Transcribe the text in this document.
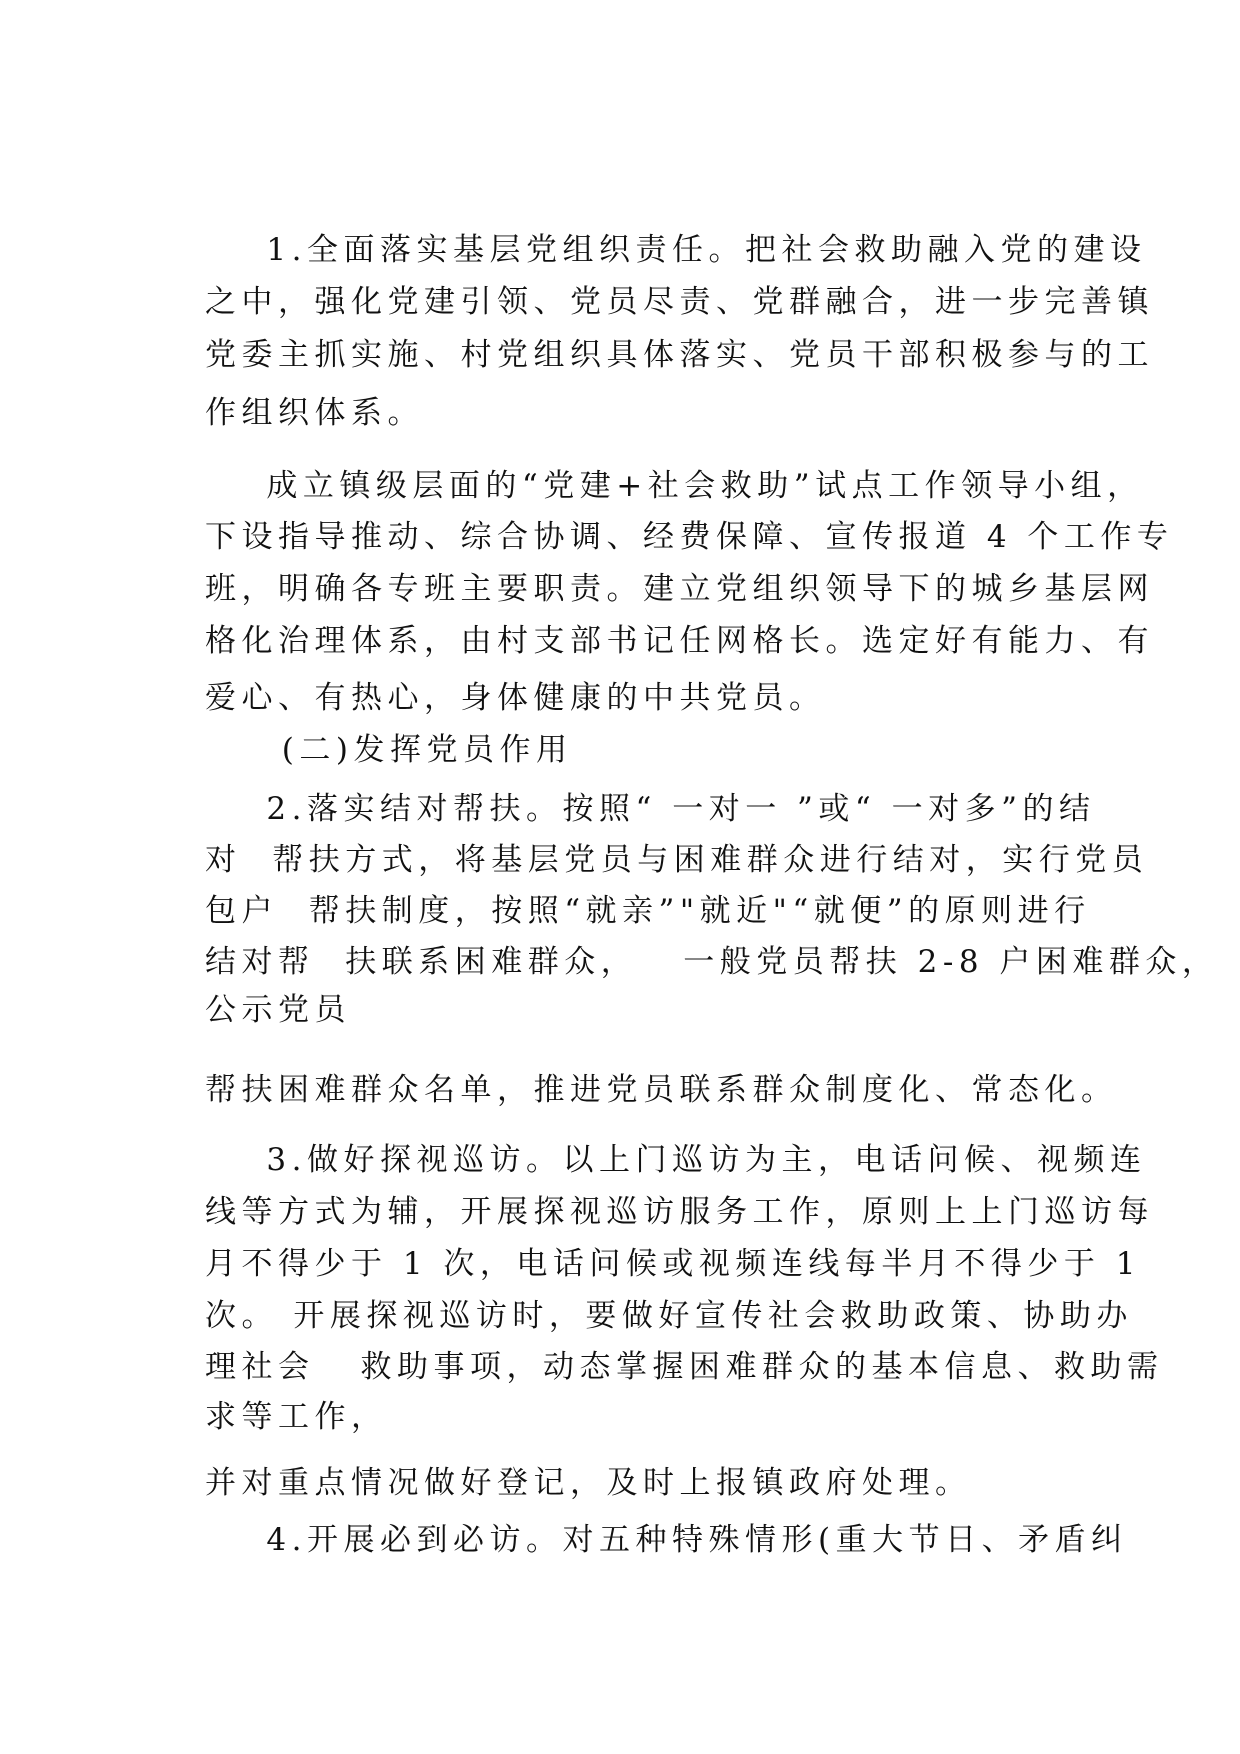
1.全面落实基层党组织责任。把社会救助融入党的建设
之中，强化党建引领、党员尽责、党群融合，进一步完善镇
党委主抓实施、村党组织具体落实、党员干部积极参与的工
作组织体系。
成立镇级层面的“党建+社会救助”试点工作领导小组，
下设指导推动、综合协调、经费保障、宣传报道 4 个工作专
班，明确各专班主要职责。建立党组织领导下的城乡基层网
格化治理体系，由村支部书记任网格长。选定好有能力、有
爱心、有热心，身体健康的中共党员。
(二)发挥党员作用
2.落实结对帮扶。按照“ 一对一 ”或“ 一对多”的结
对  帮扶方式，将基层党员与困难群众进行结对，实行党员
包户  帮扶制度，按照“就亲”"就近"“就便”的原则进行
结对帮  扶联系困难群众，   一般党员帮扶 2-8 户困难群众，
公示党员
帮扶困难群众名单，推进党员联系群众制度化、常态化。
3.做好探视巡访。以上门巡访为主，电话问候、视频连
线等方式为辅，开展探视巡访服务工作，原则上上门巡访每
月不得少于 1 次，电话问候或视频连线每半月不得少于 1
次。 开展探视巡访时，要做好宣传社会救助政策、协助办
理社会   救助事项，动态掌握困难群众的基本信息、救助需
求等工作，
并对重点情况做好登记，及时上报镇政府处理。
4.开展必到必访。对五种特殊情形(重大节日、矛盾纠
